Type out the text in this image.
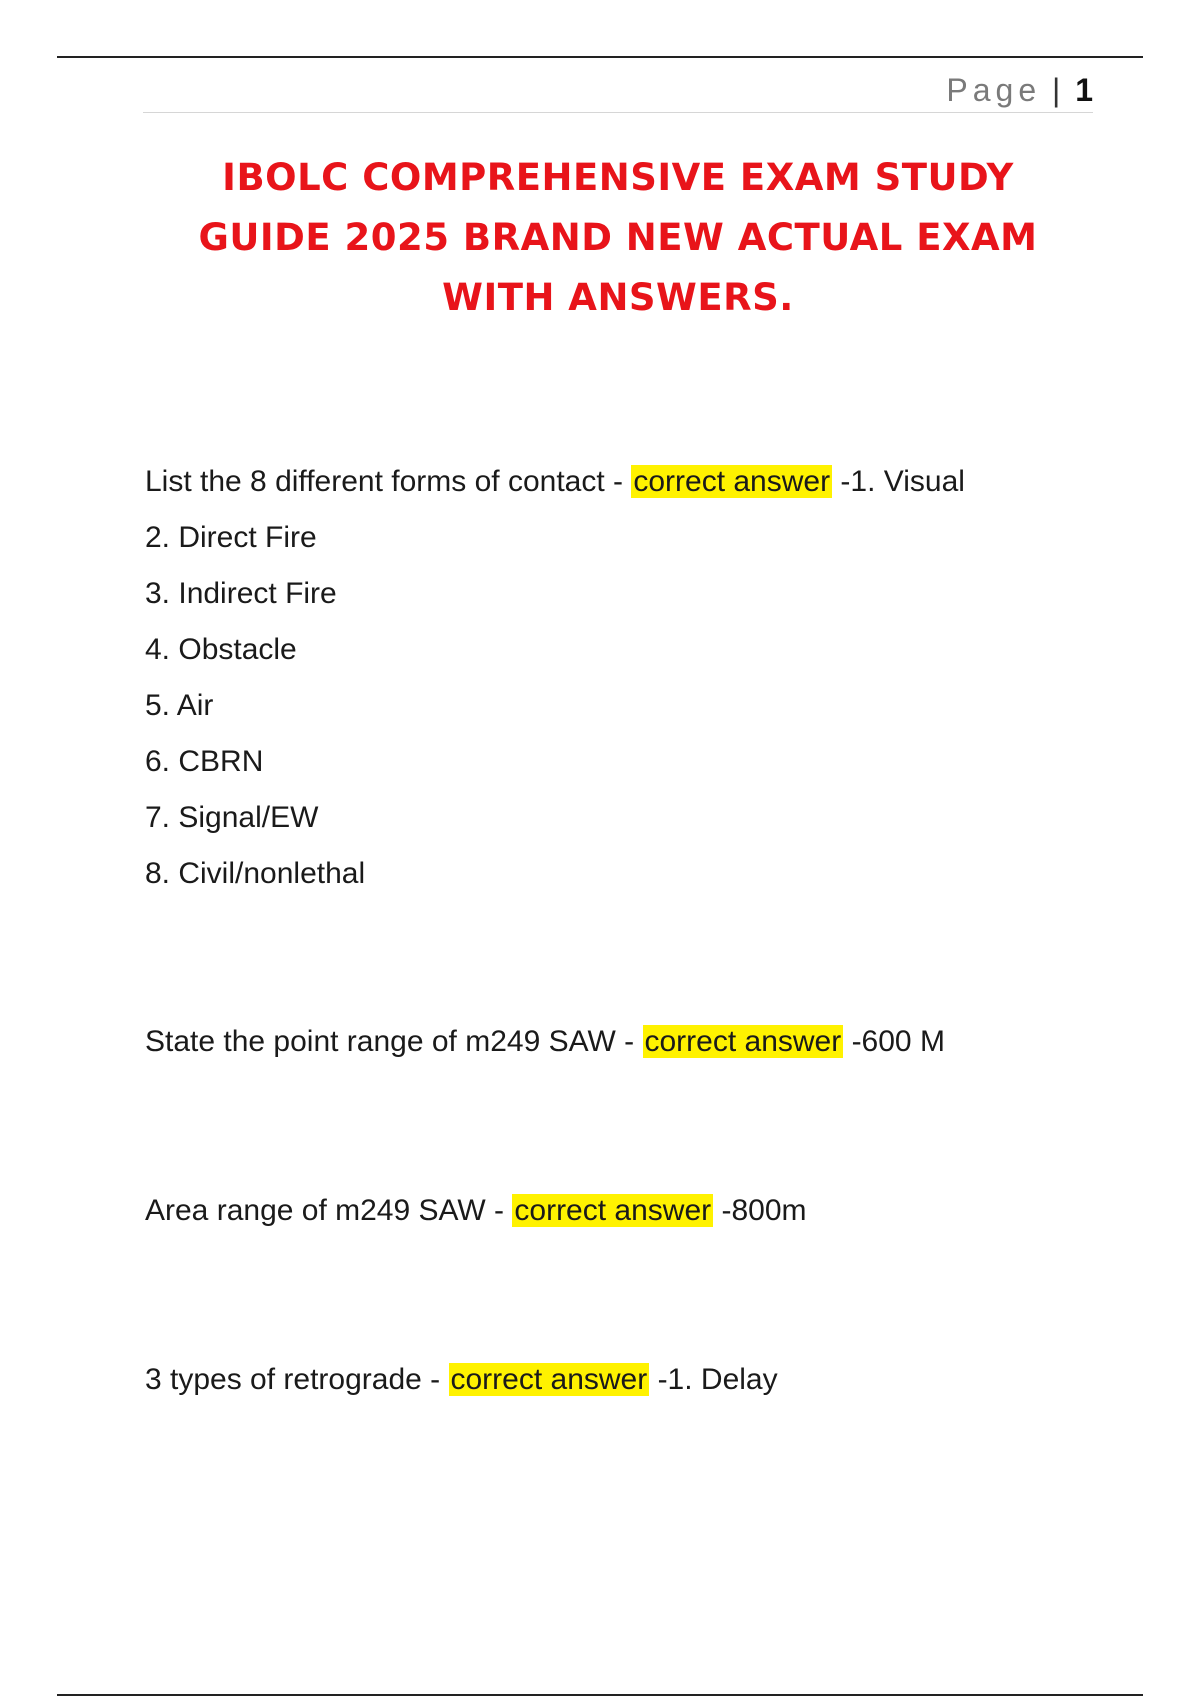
Page | 1
IBOLC COMPREHENSIVE EXAM STUDY
GUIDE 2025 BRAND NEW ACTUAL EXAM
WITH ANSWERS.
List the 8 different forms of contact - correct answer -1. Visual
2. Direct Fire
3. Indirect Fire
4. Obstacle
5. Air
6. CBRN
7. Signal/EW
8. Civil/nonlethal
State the point range of m249 SAW - correct answer -600 M
Area range of m249 SAW - correct answer -800m
3 types of retrograde - correct answer -1. Delay
